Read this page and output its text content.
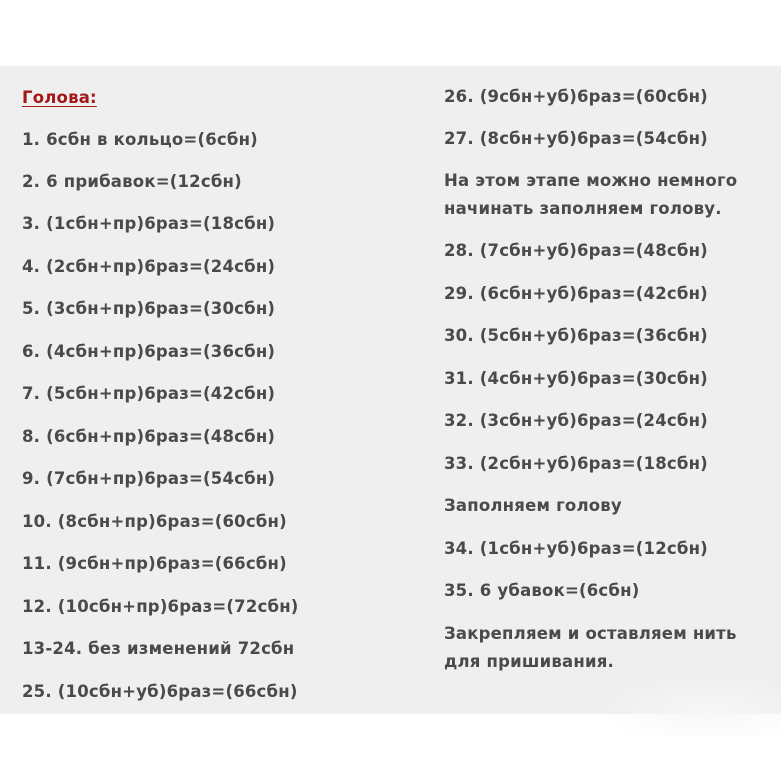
Голова:
1. 6сбн в кольцо=(6сбн)
2. 6 прибавок=(12сбн)
3. (1сбн+пр)6раз=(18сбн)
4. (2сбн+пр)6раз=(24сбн)
5. (3сбн+пр)6раз=(30сбн)
6. (4сбн+пр)6раз=(36сбн)
7. (5сбн+пр)6раз=(42сбн)
8. (6сбн+пр)6раз=(48сбн)
9. (7сбн+пр)6раз=(54сбн)
10. (8сбн+пр)6раз=(60сбн)
11. (9сбн+пр)6раз=(66сбн)
12. (10сбн+пр)6раз=(72сбн)
13-24. без изменений 72сбн
25. (10сбн+уб)6раз=(66сбн)
26. (9сбн+уб)6раз=(60сбн)
27. (8сбн+уб)6раз=(54сбн)
На этом этапе можно немного начинать заполняем голову.
28. (7сбн+уб)6раз=(48сбн)
29. (6сбн+уб)6раз=(42сбн)
30. (5сбн+уб)6раз=(36сбн)
31. (4сбн+уб)6раз=(30сбн)
32. (3сбн+уб)6раз=(24сбн)
33. (2сбн+уб)6раз=(18сбн)
Заполняем голову
34. (1сбн+уб)6раз=(12сбн)
35. 6 убавок=(6сбн)
Закрепляем и оставляем нить для пришивания.
